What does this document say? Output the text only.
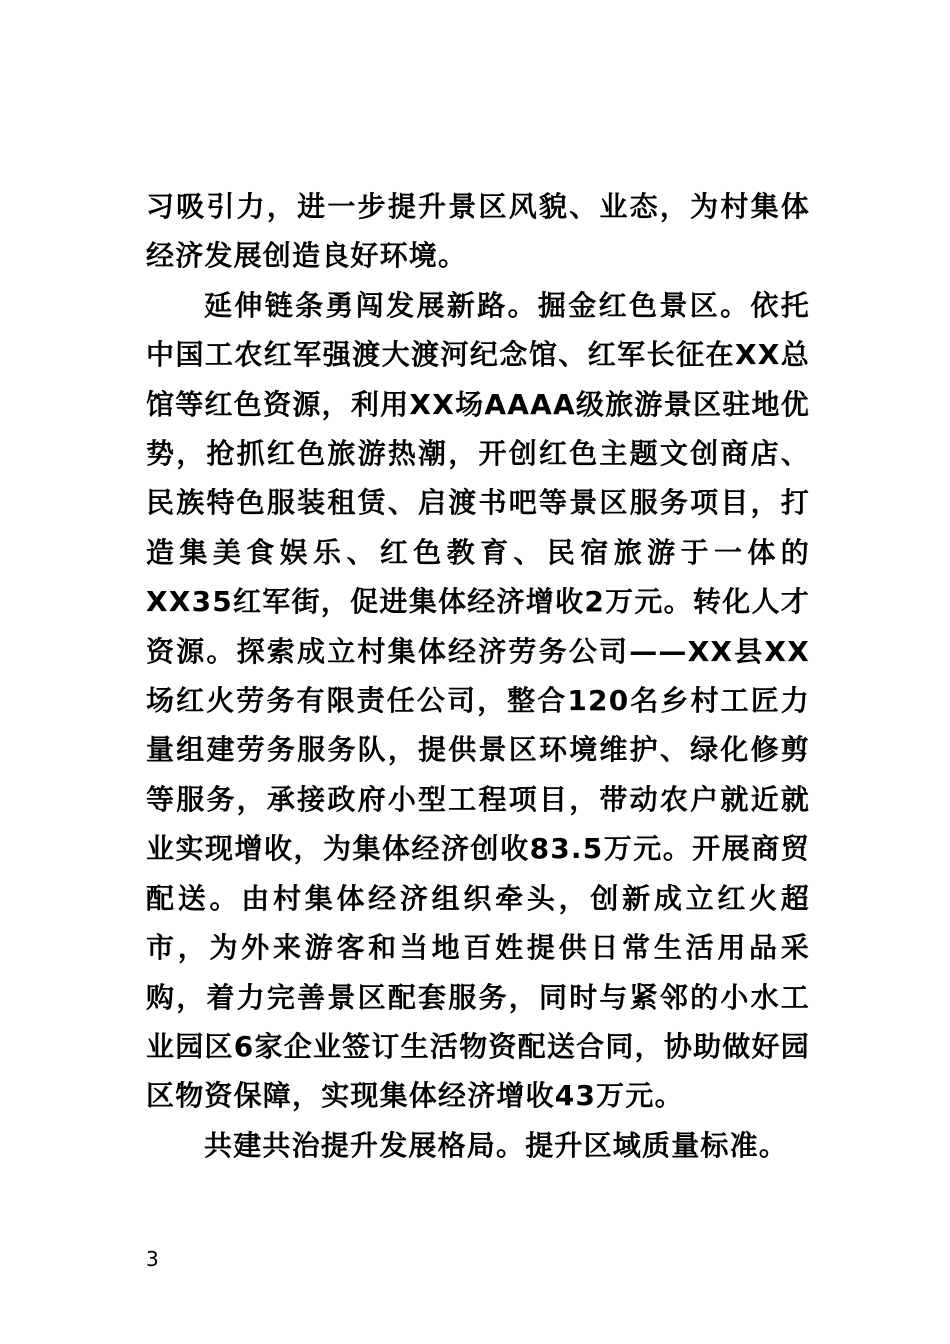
习吸引力，进一步提升景区风貌、业态，为村集体经济发展创造良好环境。

延伸链条勇闯发展新路。掘金红色景区。依托中国工农红军强渡大渡河纪念馆、红军长征在XX总馆等红色资源，利用XX场AAAA级旅游景区驻地优势，抢抓红色旅游热潮，开创红色主题文创商店、民族特色服装租赁、启渡书吧等景区服务项目，打造集美食娱乐、红色教育、民宿旅游于一体的XX35红军街，促进集体经济增收2万元。转化人才资源。探索成立村集体经济劳务公司——XX县XX场红火劳务有限责任公司，整合120名乡村工匠力量组建劳务服务队，提供景区环境维护、绿化修剪等服务，承接政府小型工程项目，带动农户就近就业实现增收，为集体经济创收83.5万元。开展商贸配送。由村集体经济组织牵头，创新成立红火超市，为外来游客和当地百姓提供日常生活用品采购，着力完善景区配套服务，同时与紧邻的小水工业园区6家企业签订生活物资配送合同，协助做好园区物资保障，实现集体经济增收43万元。

共建共治提升发展格局。提升区域质量标准。

3
